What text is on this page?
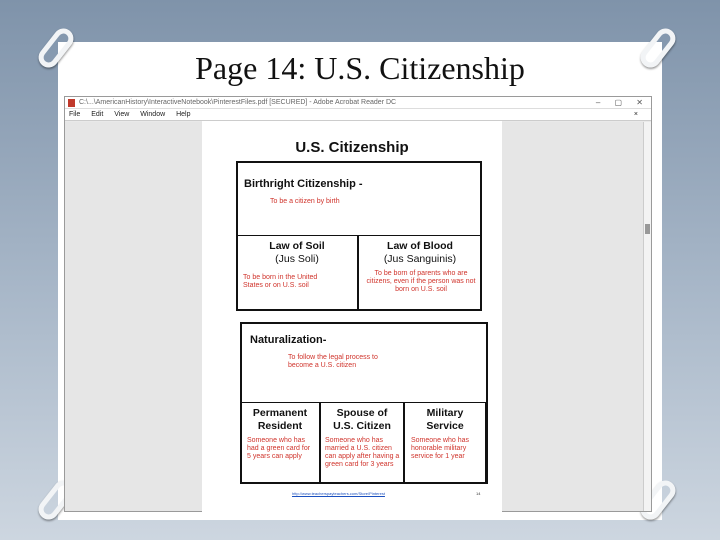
Page 14: U.S. Citizenship
C:\...\AmericanHistory\InteractiveNotebook\PinterestFiles.pdf [SECURED] - Adobe Acrobat Reader DC	– ▢ ✕
File Edit View Window Help	×
U.S. Citizenship
Birthright Citizenship -
To be a citizen by birth
Law of Soil
(Jus Soli)
To be born in the United States or on U.S. soil
Law of Blood
(Jus Sanguinis)
To be born of parents who are citizens, even if the person was not born on U.S. soil
Naturalization-
To follow the legal process to become a U.S. citizen
Permanent Resident
Someone who has had a green card for 5 years can apply
Spouse of U.S. Citizen
Someone who has married a U.S. citizen can apply after having a green card for 3 years
Military Service
Someone who has honorable military service for 1 year
http://www.teacherspayteachers.com/Store/Pinterest	14
